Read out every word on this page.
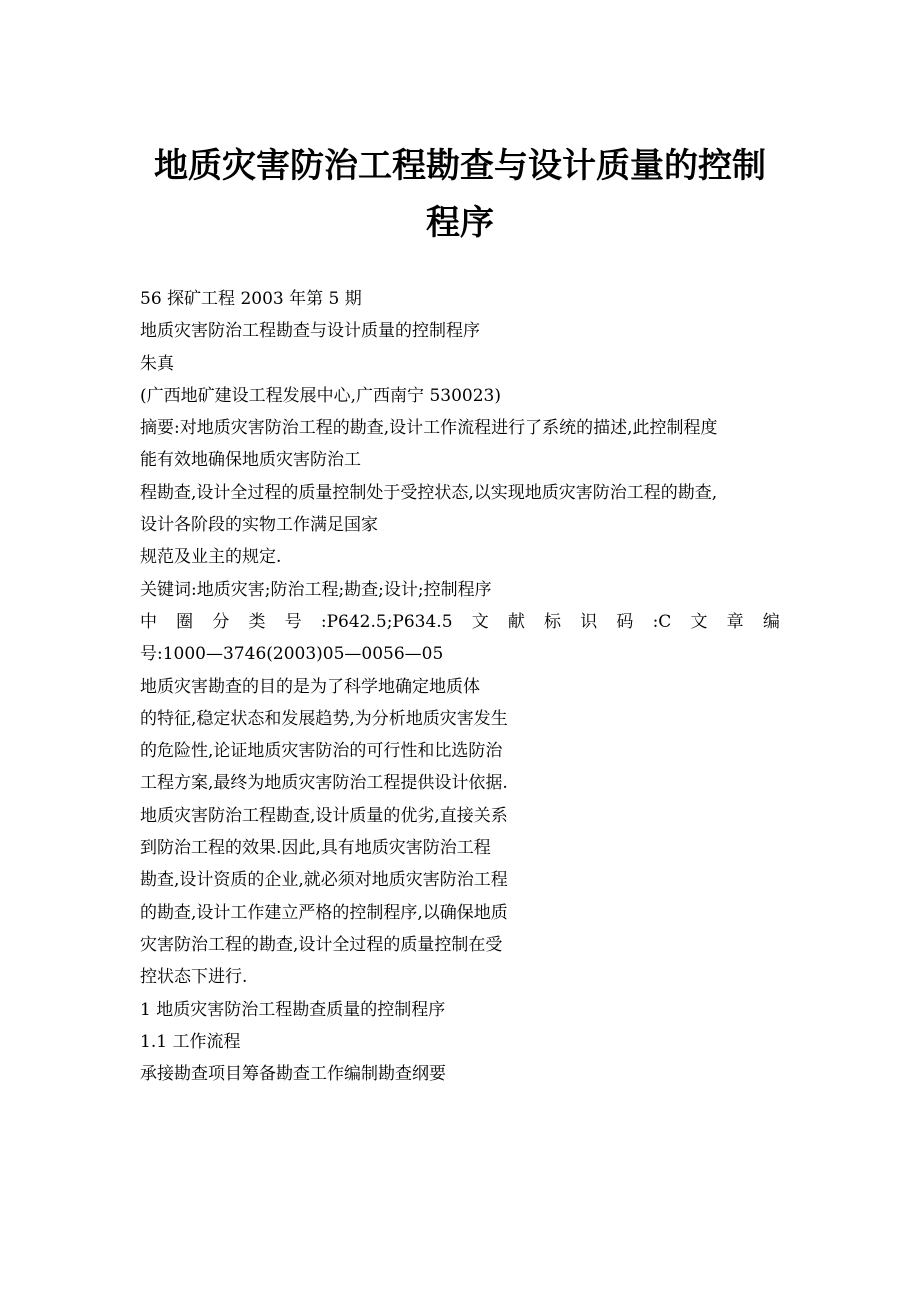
地质灾害防治工程勘查与设计质量的控制
程序
56 探矿工程 2003 年第 5 期
地质灾害防治工程勘查与设计质量的控制程序
朱真
(广西地矿建设工程发展中心,广西南宁 530023)
摘要:对地质灾害防治工程的勘查,设计工作流程进行了系统的描述,此控制程度
能有效地确保地质灾害防治工
程勘查,设计全过程的质量控制处于受控状态,以实现地质灾害防治工程的勘查,
设计各阶段的实物工作满足国家
规范及业主的规定.
关键词:地质灾害;防治工程;勘查;设计;控制程序
中 圈 分 类 号 :P642.5;P634.5 文 献 标 识 码 :C 文 章 编
号:1000—3746(2003)05—0056—05
地质灾害勘查的目的是为了科学地确定地质体
的特征,稳定状态和发展趋势,为分析地质灾害发生
的危险性,论证地质灾害防治的可行性和比选防治
工程方案,最终为地质灾害防治工程提供设计依据.
地质灾害防治工程勘查,设计质量的优劣,直接关系
到防治工程的效果.因此,具有地质灾害防治工程
勘查,设计资质的企业,就必须对地质灾害防治工程
的勘查,设计工作建立严格的控制程序,以确保地质
灾害防治工程的勘查,设计全过程的质量控制在受
控状态下进行.
1 地质灾害防治工程勘查质量的控制程序
1.1 工作流程
承接勘查项目筹备勘查工作编制勘查纲要
